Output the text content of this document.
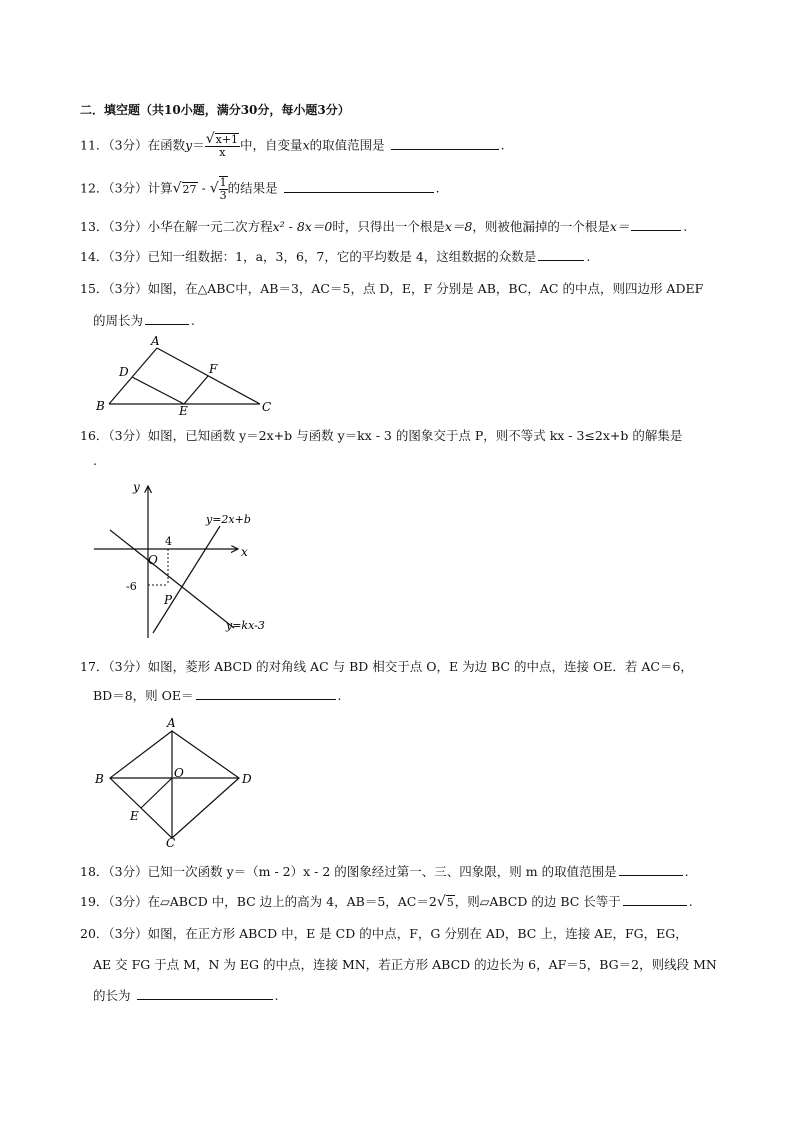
二．填空题（共10小题，满分30分，每小题3分）
11．（3分）在函数$y= \frac{√x+1}{x}$ 中，自变量x的取值范围是	.
12．（3分）计算√27 - √ $\frac{1}{3}$ 的结果是	.
13．（3分）小华在解一元二次方程x² - 8x＝0时，只得出一个根是x＝8，则被他漏掉的一个根是x＝	.
14．（3分）已知一组数据：1，a，3，6，7，它的平均数是 4，这组数据的众数是	.
15．（3分）如图，在△ABC中，AB＝3，AC＝5，点 D，E，F 分别是 AB，BC，AC 的中点，则四边形 ADEF
的周长为	.
A
B	C
D
E
F
16．（3分）如图，已知函数 y＝2x+b 与函数 y＝kx - 3 的图象交于点 P，则不等式 kx - 3≤2x+b 的解集是
.
y
x
O
4
-6
P
y=2x+b
y=kx-3
17．（3分）如图，菱形 ABCD 的对角线 AC 与 BD 相交于点 O，E 为边 BC 的中点，连接 OE．若 AC＝6，
BD＝8，则 OE＝	.
A
B
C
D
O
E
18．（3分）已知一次函数 y＝（m - 2）x - 2 的图象经过第一、三、四象限，则 m 的取值范围是	.
19．（3分）在▱ABCD 中，BC 边上的高为 4，AB＝5，AC＝2√5，则▱ABCD 的边 BC 长等于	.
20．（3分）如图，在正方形 ABCD 中，E 是 CD 的中点，F，G 分别在 AD，BC 上，连接 AE，FG，EG，
AE 交 FG 于点 M，N 为 EG 的中点，连接 MN，若正方形 ABCD 的边长为 6，AF＝5，BG＝2，则线段 MN
的长为	.
